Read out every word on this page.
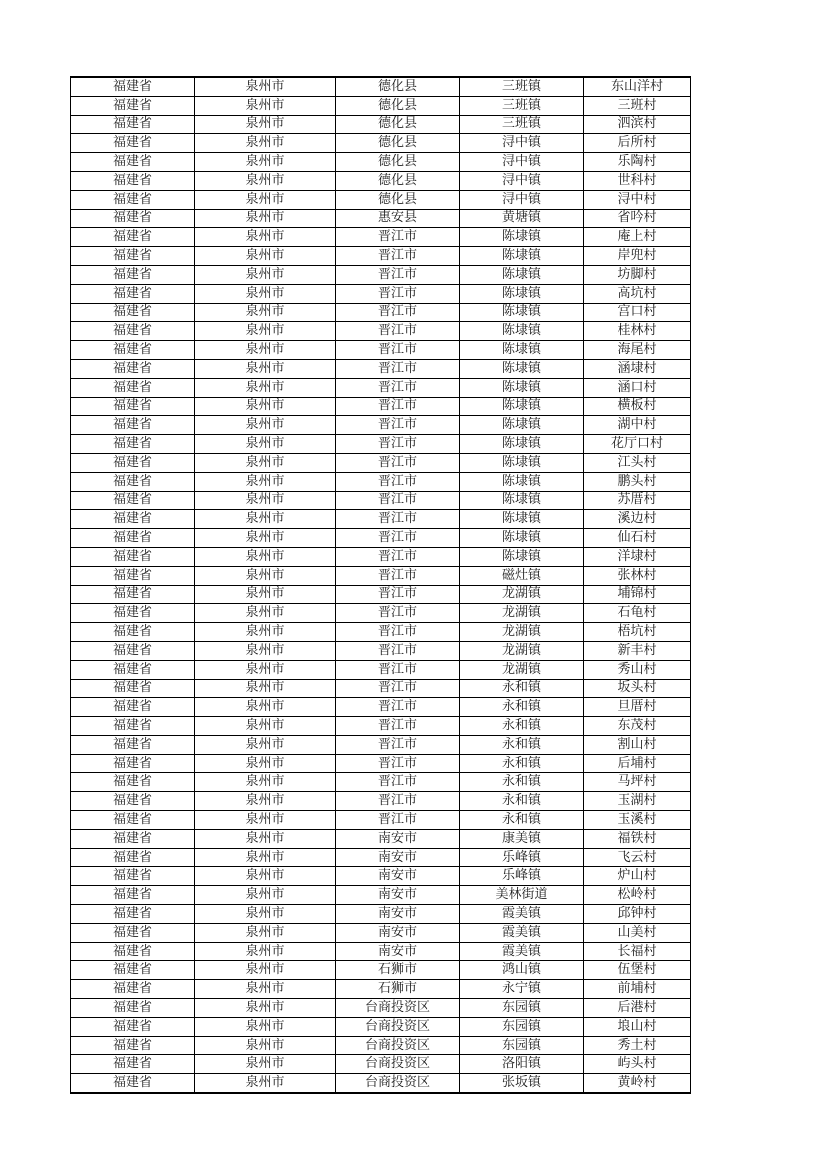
福建省	泉州市	德化县	三班镇	东山洋村
福建省	泉州市	德化县	三班镇	三班村
福建省	泉州市	德化县	三班镇	泗滨村
福建省	泉州市	德化县	浔中镇	后所村
福建省	泉州市	德化县	浔中镇	乐陶村
福建省	泉州市	德化县	浔中镇	世科村
福建省	泉州市	德化县	浔中镇	浔中村
福建省	泉州市	惠安县	黄塘镇	省吟村
福建省	泉州市	晋江市	陈埭镇	庵上村
福建省	泉州市	晋江市	陈埭镇	岸兜村
福建省	泉州市	晋江市	陈埭镇	坊脚村
福建省	泉州市	晋江市	陈埭镇	高坑村
福建省	泉州市	晋江市	陈埭镇	宫口村
福建省	泉州市	晋江市	陈埭镇	桂林村
福建省	泉州市	晋江市	陈埭镇	海尾村
福建省	泉州市	晋江市	陈埭镇	涵埭村
福建省	泉州市	晋江市	陈埭镇	涵口村
福建省	泉州市	晋江市	陈埭镇	横板村
福建省	泉州市	晋江市	陈埭镇	湖中村
福建省	泉州市	晋江市	陈埭镇	花厅口村
福建省	泉州市	晋江市	陈埭镇	江头村
福建省	泉州市	晋江市	陈埭镇	鹏头村
福建省	泉州市	晋江市	陈埭镇	苏厝村
福建省	泉州市	晋江市	陈埭镇	溪边村
福建省	泉州市	晋江市	陈埭镇	仙石村
福建省	泉州市	晋江市	陈埭镇	洋埭村
福建省	泉州市	晋江市	磁灶镇	张林村
福建省	泉州市	晋江市	龙湖镇	埔锦村
福建省	泉州市	晋江市	龙湖镇	石龟村
福建省	泉州市	晋江市	龙湖镇	梧坑村
福建省	泉州市	晋江市	龙湖镇	新丰村
福建省	泉州市	晋江市	龙湖镇	秀山村
福建省	泉州市	晋江市	永和镇	坂头村
福建省	泉州市	晋江市	永和镇	旦厝村
福建省	泉州市	晋江市	永和镇	东茂村
福建省	泉州市	晋江市	永和镇	割山村
福建省	泉州市	晋江市	永和镇	后埔村
福建省	泉州市	晋江市	永和镇	马坪村
福建省	泉州市	晋江市	永和镇	玉湖村
福建省	泉州市	晋江市	永和镇	玉溪村
福建省	泉州市	南安市	康美镇	福铁村
福建省	泉州市	南安市	乐峰镇	飞云村
福建省	泉州市	南安市	乐峰镇	炉山村
福建省	泉州市	南安市	美林街道	松岭村
福建省	泉州市	南安市	霞美镇	邱钟村
福建省	泉州市	南安市	霞美镇	山美村
福建省	泉州市	南安市	霞美镇	长福村
福建省	泉州市	石狮市	鸿山镇	伍堡村
福建省	泉州市	石狮市	永宁镇	前埔村
福建省	泉州市	台商投资区	东园镇	后港村
福建省	泉州市	台商投资区	东园镇	埌山村
福建省	泉州市	台商投资区	东园镇	秀土村
福建省	泉州市	台商投资区	洛阳镇	屿头村
福建省	泉州市	台商投资区	张坂镇	黄岭村
